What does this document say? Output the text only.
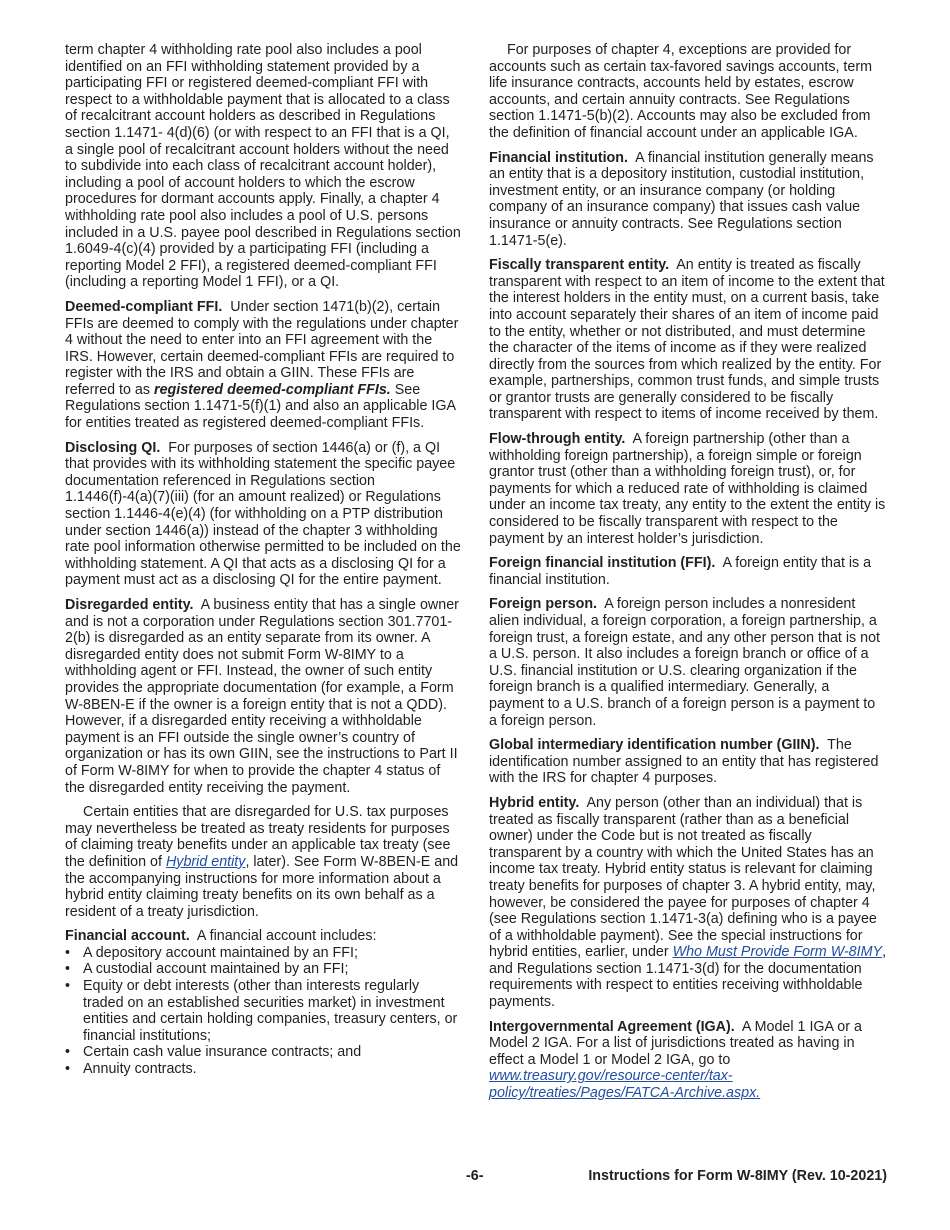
term chapter 4 withholding rate pool also includes a pool identified on an FFI withholding statement provided by a participating FFI or registered deemed-compliant FFI with respect to a withholdable payment that is allocated to a class of recalcitrant account holders as described in Regulations section 1.1471- 4(d)(6) (or with respect to an FFI that is a QI, a single pool of recalcitrant account holders without the need to subdivide into each class of recalcitrant account holder), including a pool of account holders to which the escrow procedures for dormant accounts apply. Finally, a chapter 4 withholding rate pool also includes a pool of U.S. persons included in a U.S. payee pool described in Regulations section 1.6049-4(c)(4) provided by a participating FFI (including a reporting Model 2 FFI), a registered deemed-compliant FFI (including a reporting Model 1 FFI), or a QI.

Deemed-compliant FFI. Under section 1471(b)(2), certain FFIs are deemed to comply with the regulations under chapter 4 without the need to enter into an FFI agreement with the IRS. However, certain deemed-compliant FFIs are required to register with the IRS and obtain a GIIN. These FFIs are referred to as registered deemed-compliant FFIs. See Regulations section 1.1471-5(f)(1) and also an applicable IGA for entities treated as registered deemed-compliant FFIs.

Disclosing QI. For purposes of section 1446(a) or (f), a QI that provides with its withholding statement the specific payee documentation referenced in Regulations section 1.1446(f)-4(a)(7)(iii) (for an amount realized) or Regulations section 1.1446-4(e)(4) (for withholding on a PTP distribution under section 1446(a)) instead of the chapter 3 withholding rate pool information otherwise permitted to be included on the withholding statement. A QI that acts as a disclosing QI for a payment must act as a disclosing QI for the entire payment.

Disregarded entity. A business entity that has a single owner and is not a corporation under Regulations section 301.7701-2(b) is disregarded as an entity separate from its owner. A disregarded entity does not submit Form W-8IMY to a withholding agent or FFI. Instead, the owner of such entity provides the appropriate documentation (for example, a Form W-8BEN-E if the owner is a foreign entity that is not a QDD). However, if a disregarded entity receiving a withholdable payment is an FFI outside the single owner’s country of organization or has its own GIIN, see the instructions to Part II of Form W-8IMY for when to provide the chapter 4 status of the disregarded entity receiving the payment.

Certain entities that are disregarded for U.S. tax purposes may nevertheless be treated as treaty residents for purposes of claiming treaty benefits under an applicable tax treaty (see the definition of Hybrid entity, later). See Form W-8BEN-E and the accompanying instructions for more information about a hybrid entity claiming treaty benefits on its own behalf as a resident of a treaty jurisdiction.

Financial account. A financial account includes:
• A depository account maintained by an FFI;
• A custodial account maintained by an FFI;
• Equity or debt interests (other than interests regularly traded on an established securities market) in investment entities and certain holding companies, treasury centers, or financial institutions;
• Certain cash value insurance contracts; and
• Annuity contracts.

For purposes of chapter 4, exceptions are provided for accounts such as certain tax-favored savings accounts, term life insurance contracts, accounts held by estates, escrow accounts, and certain annuity contracts. See Regulations section 1.1471-5(b)(2). Accounts may also be excluded from the definition of financial account under an applicable IGA.

Financial institution. A financial institution generally means an entity that is a depository institution, custodial institution, investment entity, or an insurance company (or holding company of an insurance company) that issues cash value insurance or annuity contracts. See Regulations section 1.1471-5(e).

Fiscally transparent entity. An entity is treated as fiscally transparent with respect to an item of income to the extent that the interest holders in the entity must, on a current basis, take into account separately their shares of an item of income paid to the entity, whether or not distributed, and must determine the character of the items of income as if they were realized directly from the sources from which realized by the entity. For example, partnerships, common trust funds, and simple trusts or grantor trusts are generally considered to be fiscally transparent with respect to items of income received by them.

Flow-through entity. A foreign partnership (other than a withholding foreign partnership), a foreign simple or foreign grantor trust (other than a withholding foreign trust), or, for payments for which a reduced rate of withholding is claimed under an income tax treaty, any entity to the extent the entity is considered to be fiscally transparent with respect to the payment by an interest holder’s jurisdiction.

Foreign financial institution (FFI). A foreign entity that is a financial institution.

Foreign person. A foreign person includes a nonresident alien individual, a foreign corporation, a foreign partnership, a foreign trust, a foreign estate, and any other person that is not a U.S. person. It also includes a foreign branch or office of a U.S. financial institution or U.S. clearing organization if the foreign branch is a qualified intermediary. Generally, a payment to a U.S. branch of a foreign person is a payment to a foreign person.

Global intermediary identification number (GIIN). The identification number assigned to an entity that has registered with the IRS for chapter 4 purposes.

Hybrid entity. Any person (other than an individual) that is treated as fiscally transparent (rather than as a beneficial owner) under the Code but is not treated as fiscally transparent by a country with which the United States has an income tax treaty. Hybrid entity status is relevant for claiming treaty benefits for purposes of chapter 3. A hybrid entity, may, however, be considered the payee for purposes of chapter 4 (see Regulations section 1.1471-3(a) defining who is a payee of a withholdable payment). See the special instructions for hybrid entities, earlier, under Who Must Provide Form W-8IMY, and Regulations section 1.1471-3(d) for the documentation requirements with respect to entities receiving withholdable payments.

Intergovernmental Agreement (IGA). A Model 1 IGA or a Model 2 IGA. For a list of jurisdictions treated as having in effect a Model 1 or Model 2 IGA, go to www.treasury.gov/resource-center/tax-policy/treaties/Pages/FATCA-Archive.aspx.

-6-	Instructions for Form W-8IMY (Rev. 10-2021)
